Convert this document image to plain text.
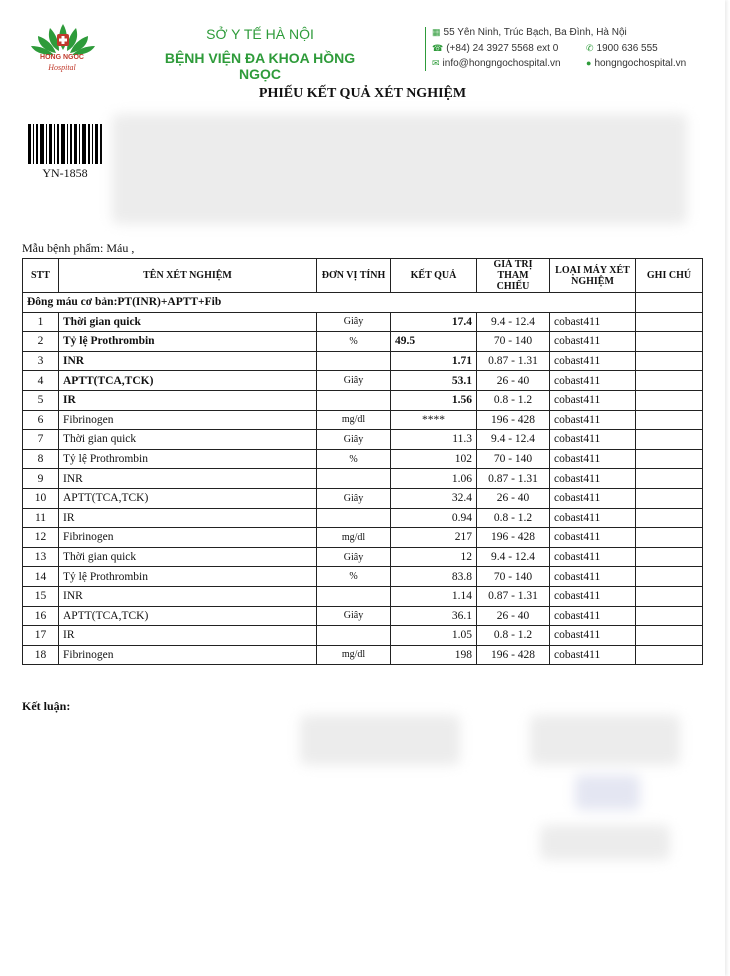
HONG NGOC
Hospital
SỞ Y TẾ HÀ NỘI
BỆNH VIỆN ĐA KHOA HỒNG NGỌC
▦ 55 Yên Ninh, Trúc Bạch, Ba Đình, Hà Nội
☎ (+84) 24 3927 5568 ext 0	✆ 1900 636 555
✉ info@hongngochospital.vn	● hongngochospital.vn
PHIẾU KẾT QUẢ XÉT NGHIỆM
YN-1858
Mẫu bệnh phẩm: Máu ,
STT	TÊN XÉT NGHIỆM	ĐƠN VỊ TÍNH	KẾT QUẢ	GIÁ TRỊ THAM CHIẾU	LOẠI MÁY XÉT NGHIỆM	GHI CHÚ
Đông máu cơ bản:PT(INR)+APTT+Fib						
1	Thời gian quick	Giây	17.4	9.4 - 12.4	cobast411	
2	Tỷ lệ Prothrombin	%	49.5	70 - 140	cobast411	
3	INR		1.71	0.87 - 1.31	cobast411	
4	APTT(TCA,TCK)	Giây	53.1	26 - 40	cobast411	
5	IR		1.56	0.8 - 1.2	cobast411	
6	Fibrinogen	mg/dl	****	196 - 428	cobast411	
7	Thời gian quick	Giây	11.3	9.4 - 12.4	cobast411	
8	Tỷ lệ Prothrombin	%	102	70 - 140	cobast411	
9	INR		1.06	0.87 - 1.31	cobast411	
10	APTT(TCA,TCK)	Giây	32.4	26 - 40	cobast411	
11	IR		0.94	0.8 - 1.2	cobast411	
12	Fibrinogen	mg/dl	217	196 - 428	cobast411	
13	Thời gian quick	Giây	12	9.4 - 12.4	cobast411	
14	Tỷ lệ Prothrombin	%	83.8	70 - 140	cobast411	
15	INR		1.14	0.87 - 1.31	cobast411	
16	APTT(TCA,TCK)	Giây	36.1	26 - 40	cobast411	
17	IR		1.05	0.8 - 1.2	cobast411	
18	Fibrinogen	mg/dl	198	196 - 428	cobast411	
Kết luận:
